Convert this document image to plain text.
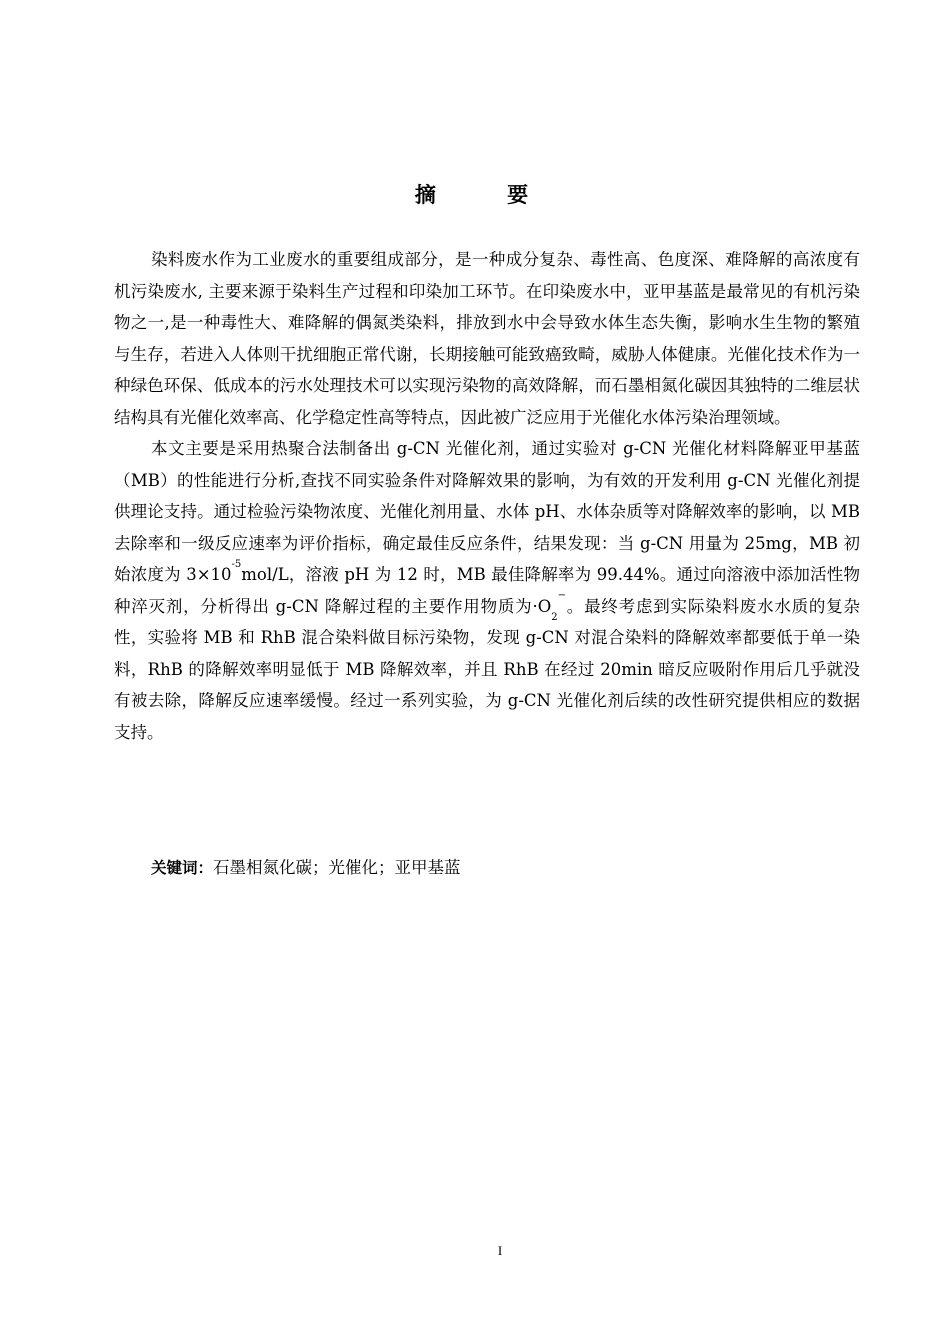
摘 要

染料废水作为工业废水的重要组成部分，是一种成分复杂、毒性高、色度深、难降解的高浓度有机污染废水, 主要来源于染料生产过程和印染加工环节。在印染废水中，亚甲基蓝是最常见的有机污染物之一,是一种毒性大、难降解的偶氮类染料，排放到水中会导致水体生态失衡，影响水生生物的繁殖与生存，若进入人体则干扰细胞正常代谢，长期接触可能致癌致畸，威胁人体健康。光催化技术作为一种绿色环保、低成本的污水处理技术可以实现污染物的高效降解，而石墨相氮化碳因其独特的二维层状结构具有光催化效率高、化学稳定性高等特点，因此被广泛应用于光催化水体污染治理领域。

本文主要是采用热聚合法制备出 g-CN 光催化剂，通过实验对 g-CN 光催化材料降解亚甲基蓝（MB）的性能进行分析,查找不同实验条件对降解效果的影响，为有效的开发利用 g-CN 光催化剂提供理论支持。通过检验污染物浓度、光催化剂用量、水体 pH、水体杂质等对降解效率的影响，以 MB 去除率和一级反应速率为评价指标，确定最佳反应条件，结果发现：当 g-CN 用量为 25mg，MB 初始浓度为 $3\times 10^{-5}mol/L$，溶液 pH 为 12 时，MB 最佳降解率为 99.44%。通过向溶液中添加活性物种淬灭剂，分析得出 g-CN 降解过程的主要作用物质为$\cdot O_2^-$。最终考虑到实际染料废水水质的复杂性，实验将 MB 和 RhB 混合染料做目标污染物，发现 g-CN 对混合染料的降解效率都要低于单一染料，RhB 的降解效率明显低于 MB 降解效率，并且 RhB 在经过 20min 暗反应吸附作用后几乎就没有被去除，降解反应速率缓慢。经过一系列实验，为 g-CN 光催化剂后续的改性研究提供相应的数据支持。

关键词：石墨相氮化碳；光催化；亚甲基蓝
I
